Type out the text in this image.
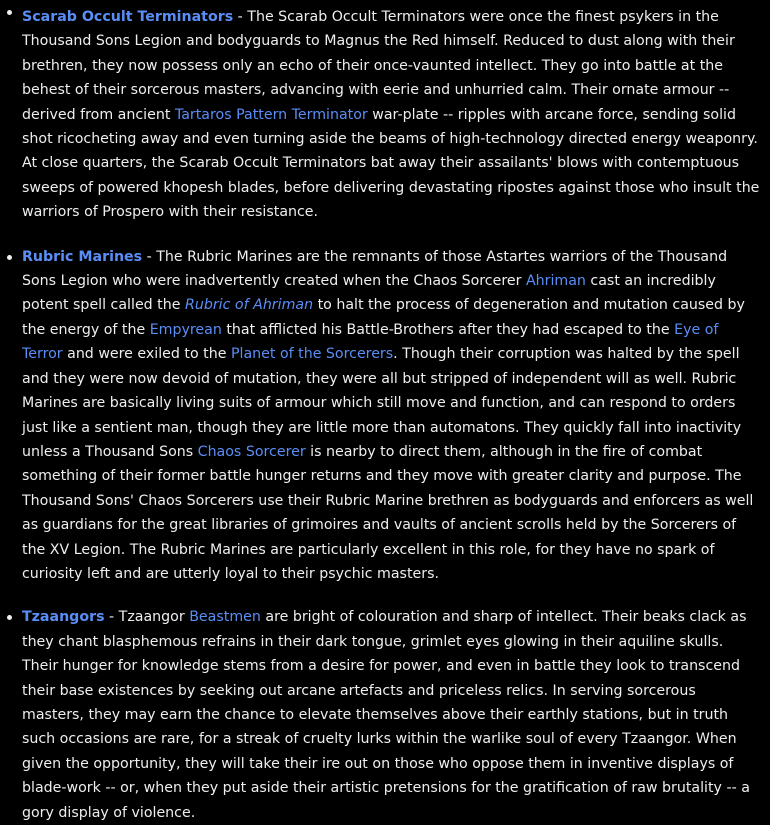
Scarab Occult Terminators - The Scarab Occult Terminators were once the finest psykers in the Thousand Sons Legion and bodyguards to Magnus the Red himself. Reduced to dust along with their brethren, they now possess only an echo of their once-vaunted intellect. They go into battle at the behest of their sorcerous masters, advancing with eerie and unhurried calm. Their ornate armour -- derived from ancient Tartaros Pattern Terminator war-plate -- ripples with arcane force, sending solid shot ricocheting away and even turning aside the beams of high-technology directed energy weaponry. At close quarters, the Scarab Occult Terminators bat away their assailants' blows with contemptuous sweeps of powered khopesh blades, before delivering devastating ripostes against those who insult the warriors of Prospero with their resistance.
Rubric Marines - The Rubric Marines are the remnants of those Astartes warriors of the Thousand Sons Legion who were inadvertently created when the Chaos Sorcerer Ahriman cast an incredibly potent spell called the Rubric of Ahriman to halt the process of degeneration and mutation caused by the energy of the Empyrean that afflicted his Battle-Brothers after they had escaped to the Eye of Terror and were exiled to the Planet of the Sorcerers. Though their corruption was halted by the spell and they were now devoid of mutation, they were all but stripped of independent will as well. Rubric Marines are basically living suits of armour which still move and function, and can respond to orders just like a sentient man, though they are little more than automatons. They quickly fall into inactivity unless a Thousand Sons Chaos Sorcerer is nearby to direct them, although in the fire of combat something of their former battle hunger returns and they move with greater clarity and purpose. The Thousand Sons' Chaos Sorcerers use their Rubric Marine brethren as bodyguards and enforcers as well as guardians for the great libraries of grimoires and vaults of ancient scrolls held by the Sorcerers of the XV Legion. The Rubric Marines are particularly excellent in this role, for they have no spark of curiosity left and are utterly loyal to their psychic masters.
Tzaangors - Tzaangor Beastmen are bright of colouration and sharp of intellect. Their beaks clack as they chant blasphemous refrains in their dark tongue, grimlet eyes glowing in their aquiline skulls. Their hunger for knowledge stems from a desire for power, and even in battle they look to transcend their base existences by seeking out arcane artefacts and priceless relics. In serving sorcerous masters, they may earn the chance to elevate themselves above their earthly stations, but in truth such occasions are rare, for a streak of cruelty lurks within the warlike soul of every Tzaangor. When given the opportunity, they will take their ire out on those who oppose them in inventive displays of blade-work -- or, when they put aside their artistic pretensions for the gratification of raw brutality -- a gory display of violence.
